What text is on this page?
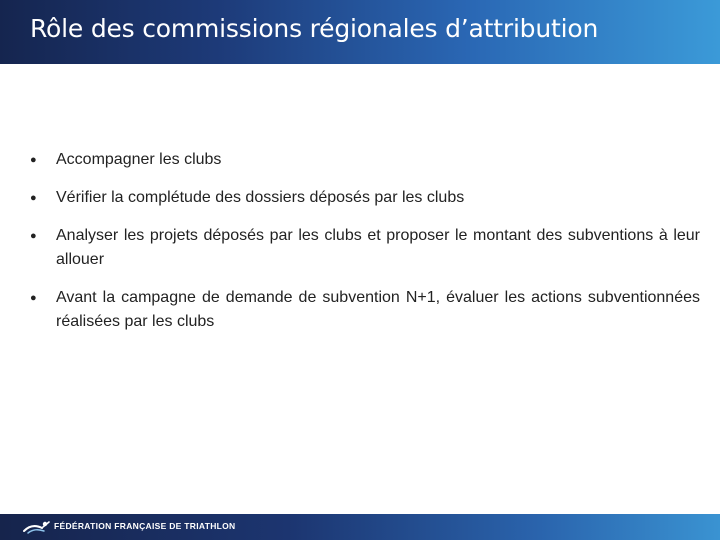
Rôle des commissions régionales d’attribution
● Accompagner les clubs
● Vérifier la complétude des dossiers déposés par les clubs
● Analyser les projets déposés par les clubs et proposer le montant des subventions à leur allouer
● Avant la campagne de demande de subvention N+1, évaluer les actions subventionnées réalisées par les clubs
FÉDÉRATION FRANÇAISE DE TRIATHLON
